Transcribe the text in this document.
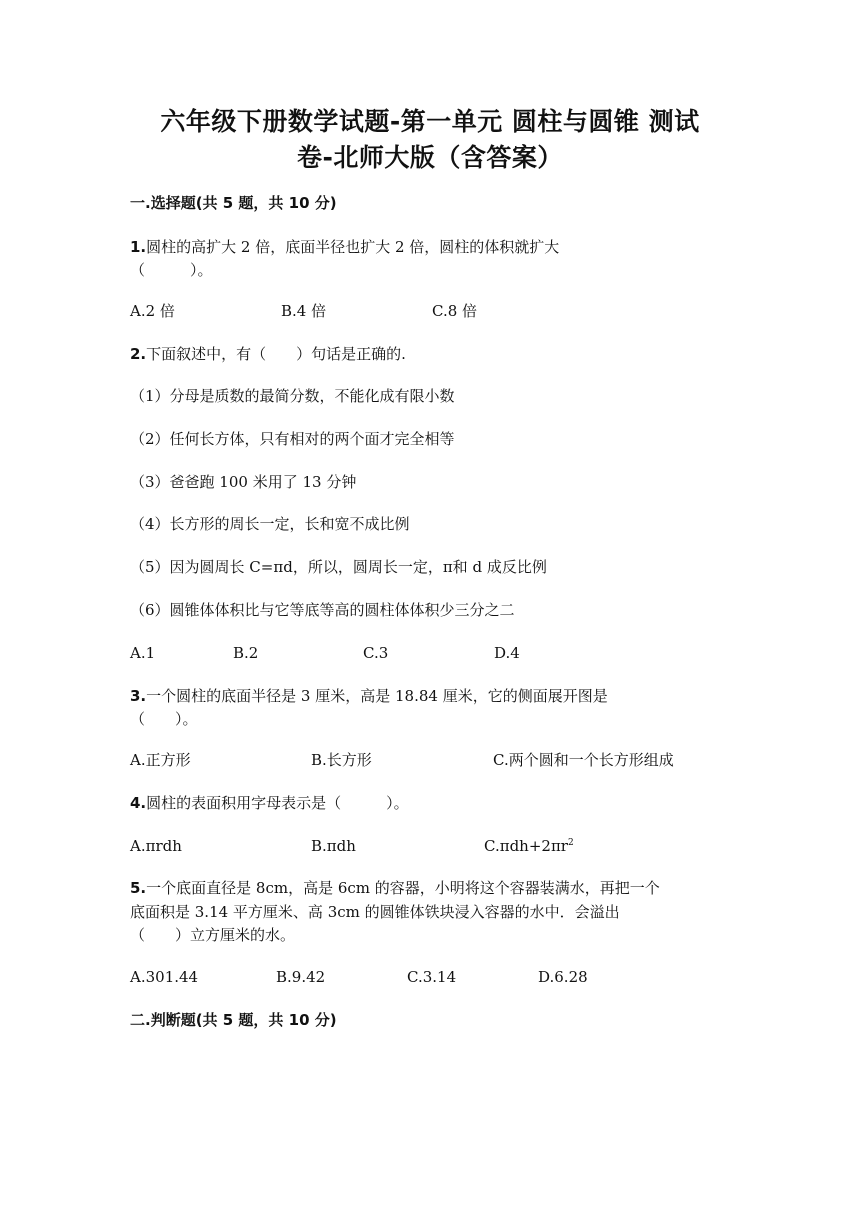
六年级下册数学试题-第一单元 圆柱与圆锥 测试
卷-北师大版（含答案）
一.选择题(共 5 题，共 10 分)
1.圆柱的高扩大 2 倍，底面半径也扩大 2 倍，圆柱的体积就扩大
（　　　）。
A.2 倍	B.4 倍	C.8 倍
2.下面叙述中，有（　　）句话是正确的.
（1）分母是质数的最简分数，不能化成有限小数
（2）任何长方体，只有相对的两个面才完全相等
（3）爸爸跑 100 米用了 13 分钟
（4）长方形的周长一定，长和宽不成比例
（5）因为圆周长 C=πd，所以，圆周长一定，π和 d 成反比例
（6）圆锥体体积比与它等底等高的圆柱体体积少三分之二
A.1	B.2	C.3	D.4
3.一个圆柱的底面半径是 3 厘米，高是 18.84 厘米，它的侧面展开图是
（　　）。
A.正方形	B.长方形	C.两个圆和一个长方形组成
4.圆柱的表面积用字母表示是（　　　）。
A.πrdh	B.πdh	$C.\pi dh+2\pi r^2$
5.一个底面直径是 8cm，高是 6cm 的容器，小明将这个容器装满水，再把一个
底面积是 3.14 平方厘米、高 3cm 的圆锥体铁块浸入容器的水中．会溢出
（　　）立方厘米的水。
A.301.44	B.9.42	C.3.14	D.6.28
二.判断题(共 5 题，共 10 分)
